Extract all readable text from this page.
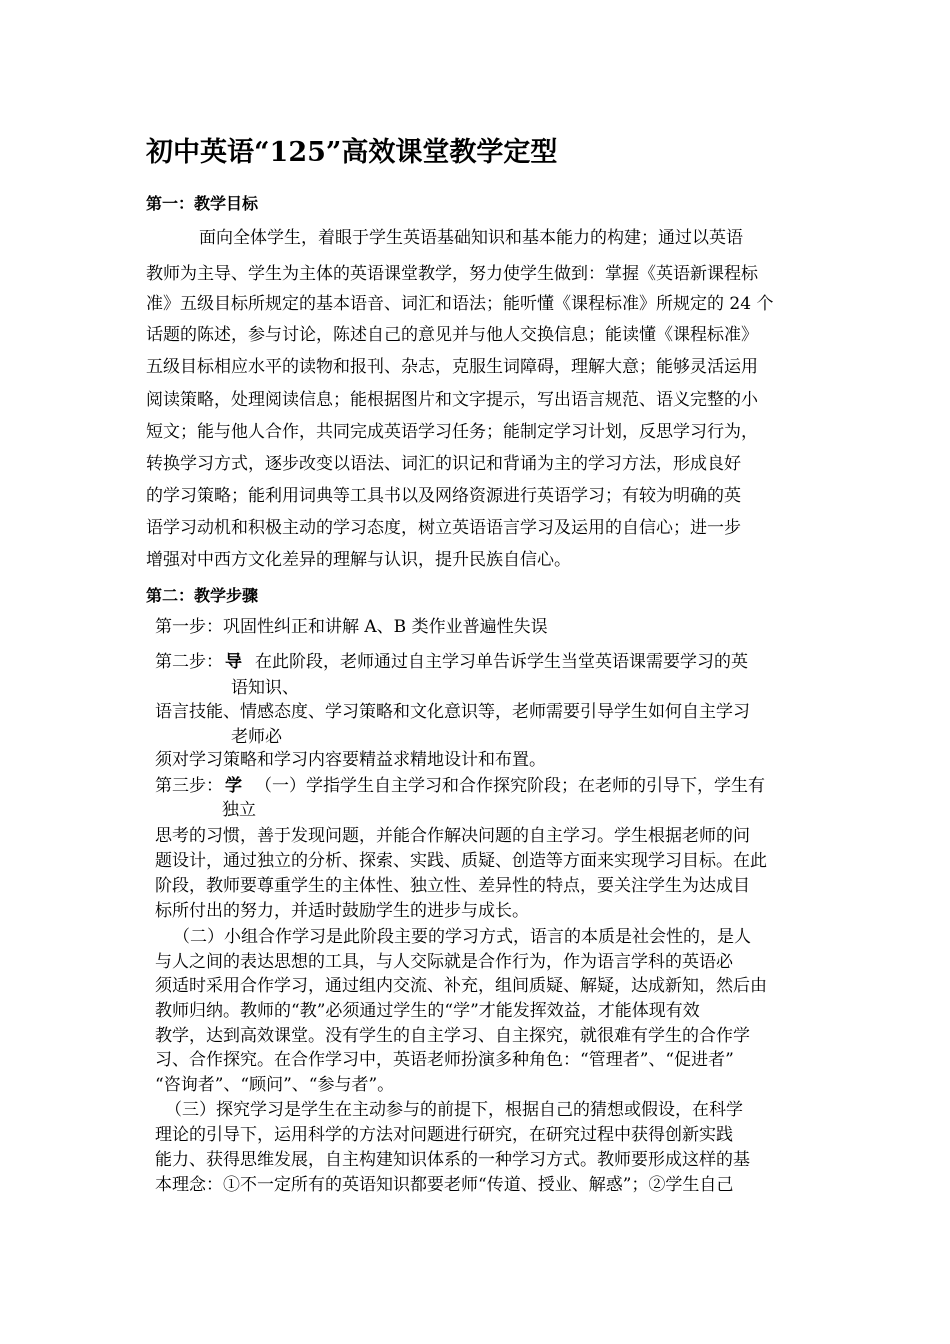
初中英语“125”高效课堂教学定型
第一：教学目标
面向全体学生，着眼于学生英语基础知识和基本能力的构建；通过以英语
教师为主导、学生为主体的英语课堂教学，努力使学生做到：掌握《英语新课程标
准》五级目标所规定的基本语音、词汇和语法；能听懂《课程标准》所规定的 24 个
话题的陈述，参与讨论，陈述自己的意见并与他人交换信息；能读懂《课程标准》
五级目标相应水平的读物和报刊、杂志，克服生词障碍，理解大意；能够灵活运用
阅读策略，处理阅读信息；能根据图片和文字提示，写出语言规范、语义完整的小
短文；能与他人合作，共同完成英语学习任务；能制定学习计划，反思学习行为，
转换学习方式，逐步改变以语法、词汇的识记和背诵为主的学习方法，形成良好
的学习策略；能利用词典等工具书以及网络资源进行英语学习；有较为明确的英
语学习动机和积极主动的学习态度，树立英语语言学习及运用的自信心；进一步
增强对中西方文化差异的理解与认识，提升民族自信心。
第二：教学步骤
第一步：巩固性纠正和讲解 A、B 类作业普遍性失误
第二步： 导 在此阶段，老师通过自主学习单告诉学生当堂英语课需要学习的英
语知识、
语言技能、情感态度、学习策略和文化意识等，老师需要引导学生如何自主学习
老师必
须对学习策略和学习内容要精益求精地设计和布置。
第三步： 学 （一）学指学生自主学习和合作探究阶段；在老师的引导下，学生有
独立
思考的习惯，善于发现问题，并能合作解决问题的自主学习。学生根据老师的问
题设计，通过独立的分析、探索、实践、质疑、创造等方面来实现学习目标。在此
阶段，教师要尊重学生的主体性、独立性、差异性的特点，要关注学生为达成目
标所付出的努力，并适时鼓励学生的进步与成长。
（二）小组合作学习是此阶段主要的学习方式，语言的本质是社会性的，是人
与人之间的表达思想的工具，与人交际就是合作行为，作为语言学科的英语必
须适时采用合作学习，通过组内交流、补充，组间质疑、解疑，达成新知，然后由
教师归纳。教师的“教”必须通过学生的“学”才能发挥效益，才能体现有效
教学，达到高效课堂。没有学生的自主学习、自主探究，就很难有学生的合作学
习、合作探究。在合作学习中，英语老师扮演多种角色：“管理者”、“促进者”
“咨询者”、“顾问”、“参与者”。
（三）探究学习是学生在主动参与的前提下，根据自己的猜想或假设，在科学
理论的引导下，运用科学的方法对问题进行研究，在研究过程中获得创新实践
能力、获得思维发展，自主构建知识体系的一种学习方式。教师要形成这样的基
本理念：①不一定所有的英语知识都要老师“传道、授业、解惑”；②学生自己
